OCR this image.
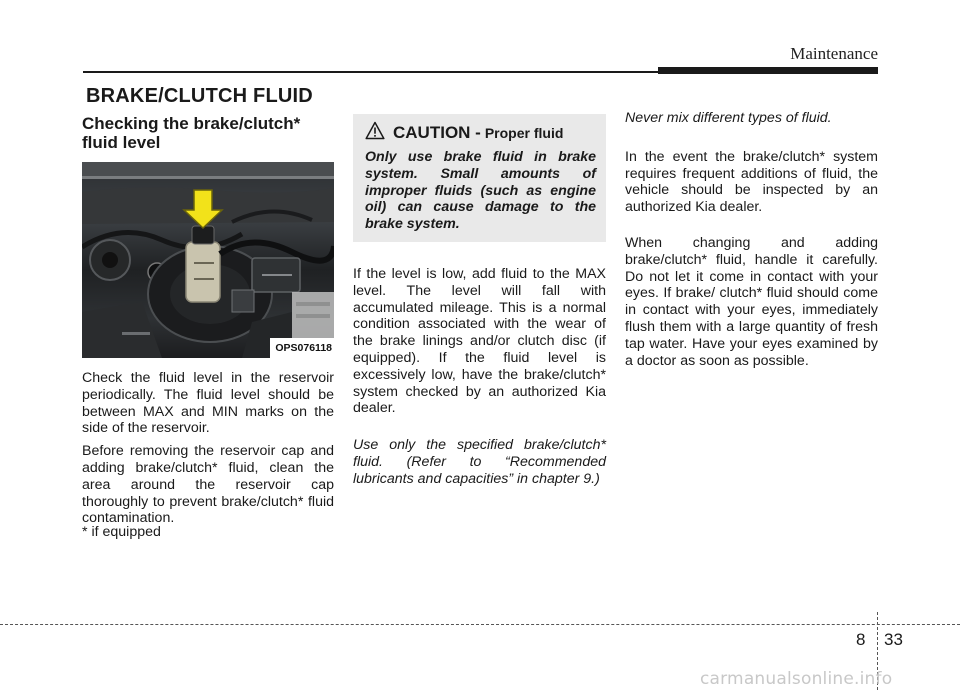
Maintenance
BRAKE/CLUTCH FLUID
Checking the brake/clutch* fluid level
OPS076118

Check the fluid level in the reservoir periodically. The fluid level should be between MAX and MIN marks on the side of the reservoir.

Before removing the reservoir cap and adding brake/clutch* fluid, clean the area around the reservoir cap thoroughly to prevent brake/clutch* fluid contamination.

CAUTION - Proper fluid
Only use brake fluid in brake system. Small amounts of improper fluids (such as engine oil) can cause damage to the brake system.

If the level is low, add fluid to the MAX level. The level will fall with accumulated mileage. This is a normal condition associated with the wear of the brake linings and/or clutch disc (if equipped). If the fluid level is excessively low, have the brake/clutch* system checked by an authorized Kia dealer.

Use only the specified brake/clutch* fluid. (Refer to “Recommended lubricants and capacities” in chapter 9.)

Never mix different types of fluid.

In the event the brake/clutch* system requires frequent additions of fluid, the vehicle should be inspected by an authorized Kia dealer.

When changing and adding brake/clutch* fluid, handle it carefully. Do not let it come in contact with your eyes. If brake/ clutch* fluid should come in contact with your eyes, immediately flush them with a large quantity of fresh tap water. Have your eyes examined by a doctor as soon as possible.

* if equipped
8 33
carmanualsonline.info
